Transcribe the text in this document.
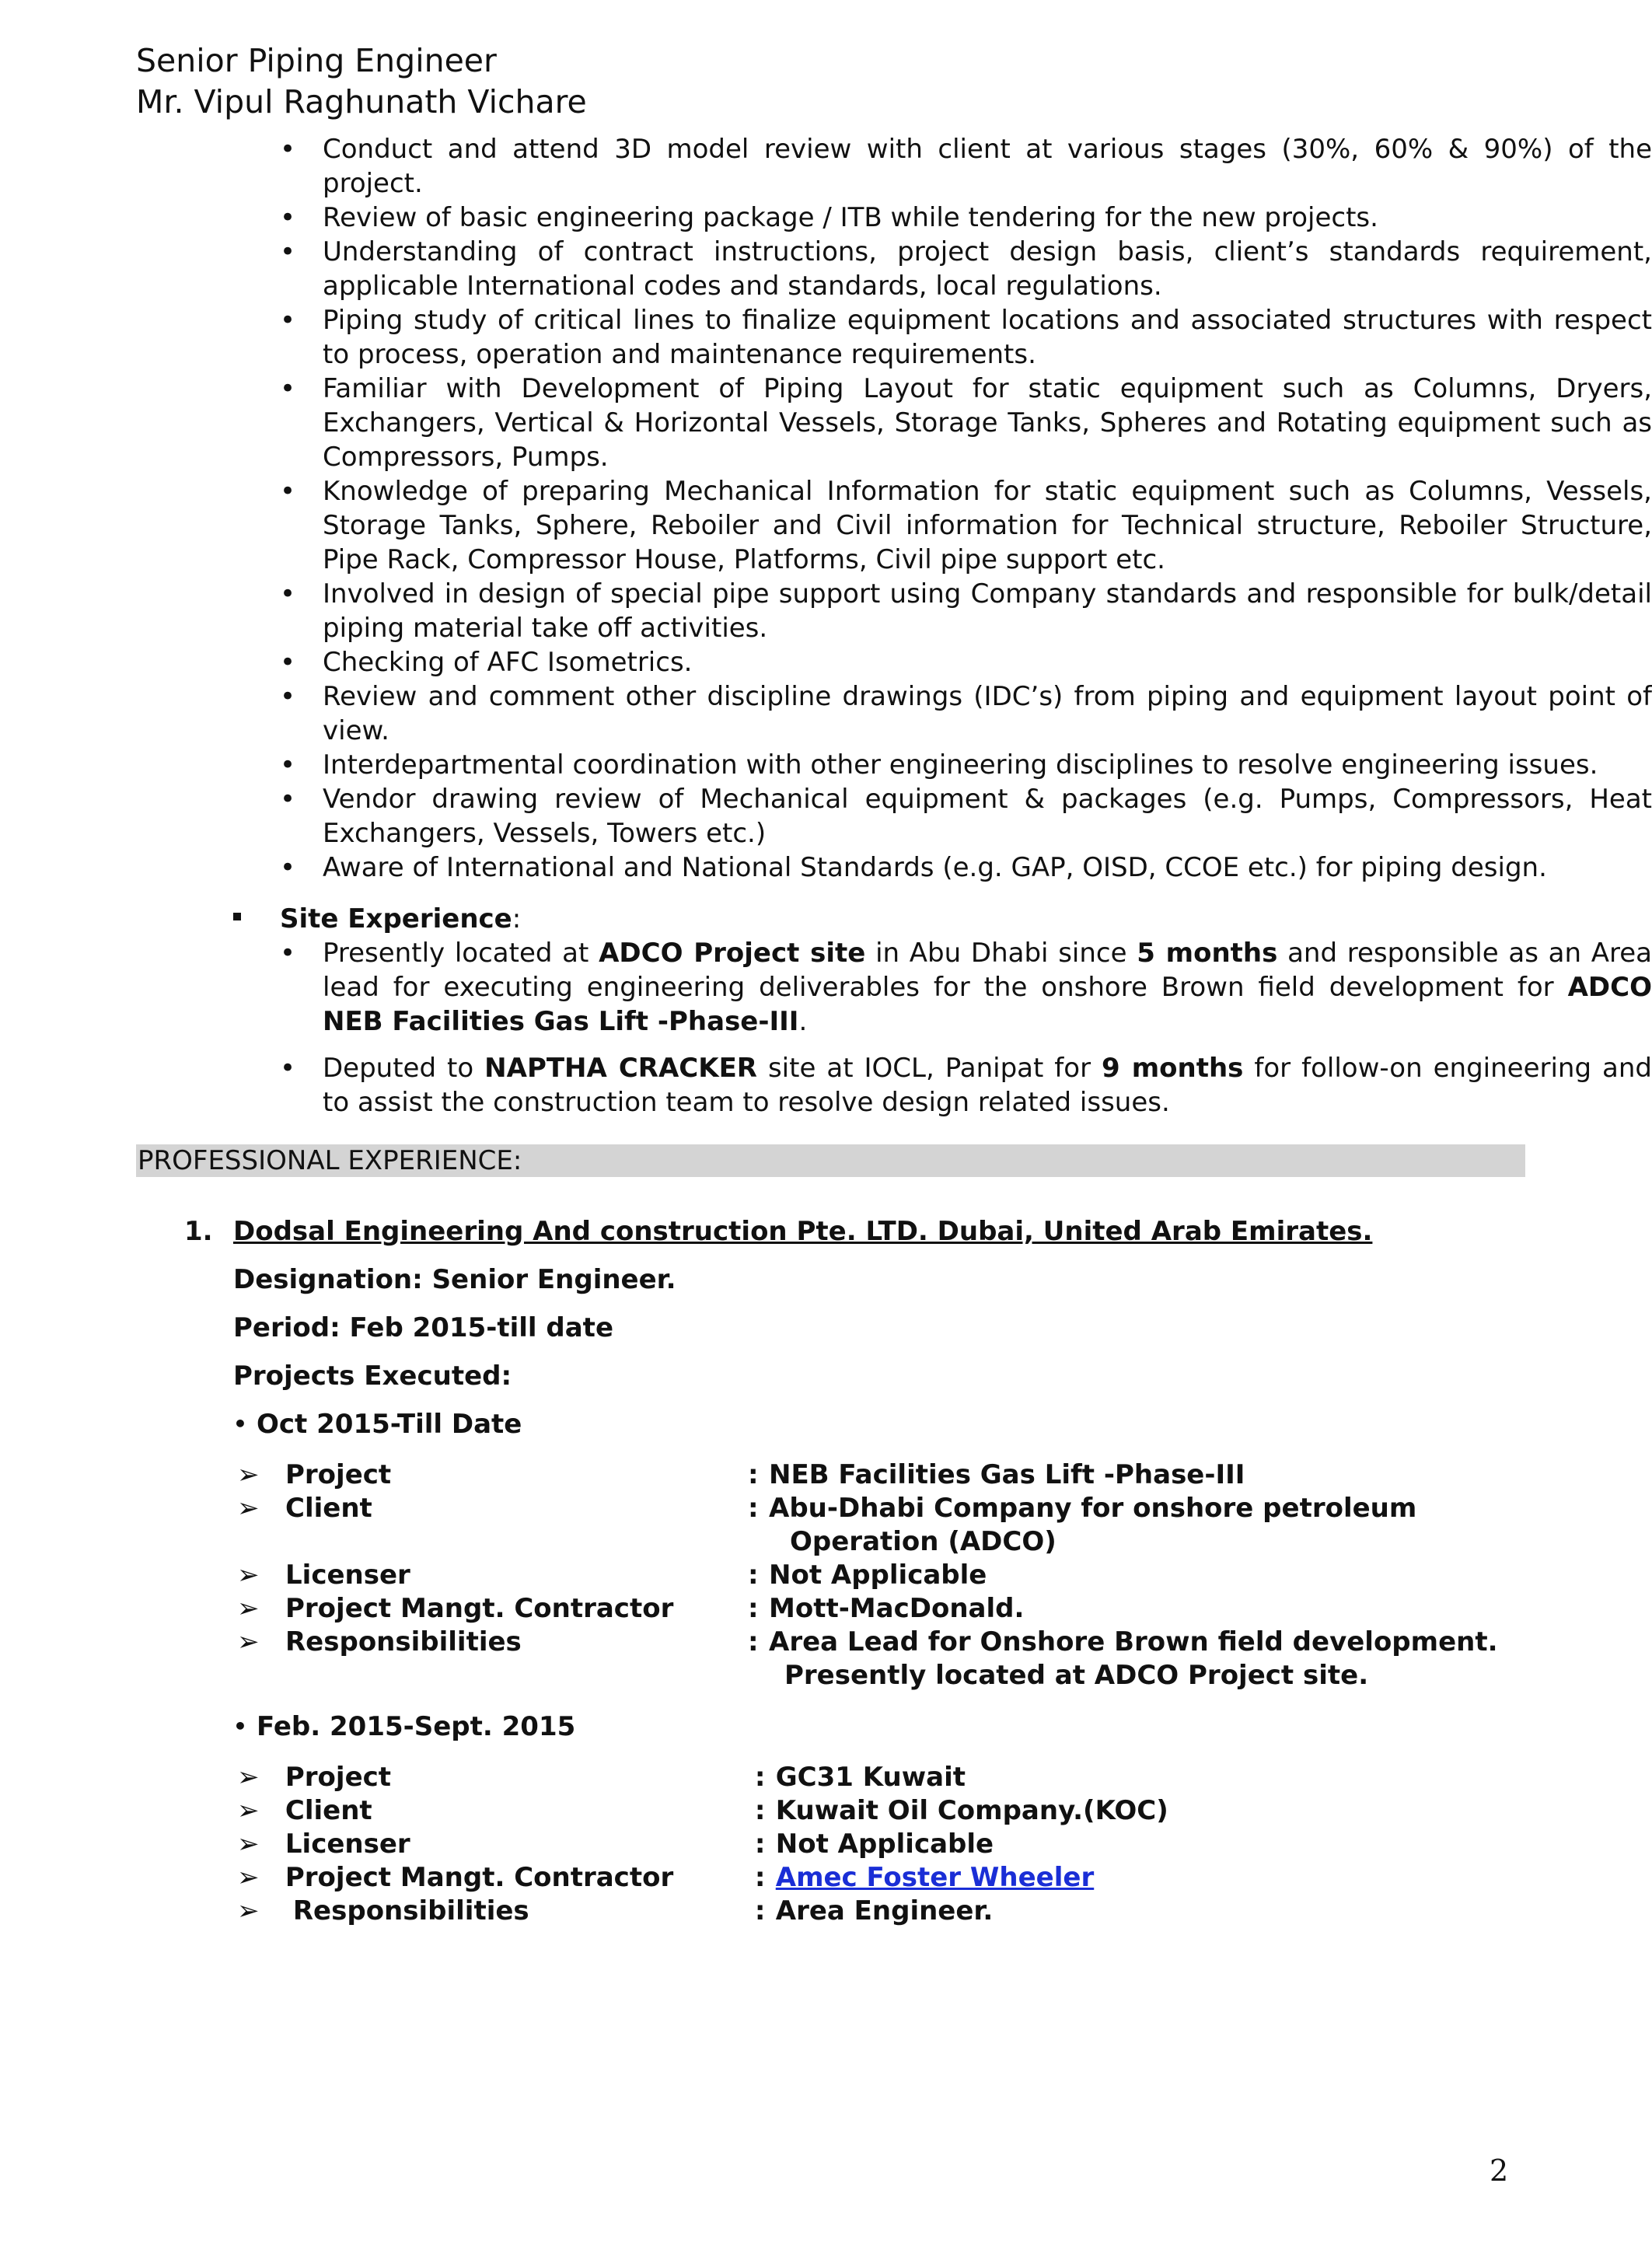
Senior Piping Engineer
Mr. Vipul Raghunath Vichare
• Conduct and attend 3D model review with client at various stages (30%, 60% & 90%) of the project.
• Review of basic engineering package / ITB while tendering for the new projects.
• Understanding of contract instructions, project design basis, client’s standards requirement, applicable International codes and standards, local regulations.
• Piping study of critical lines to finalize equipment locations and associated structures with respect to process, operation and maintenance requirements.
• Familiar with Development of Piping Layout for static equipment such as Columns, Dryers, Exchangers, Vertical & Horizontal Vessels, Storage Tanks, Spheres and Rotating equipment such as Compressors, Pumps.
• Knowledge of preparing Mechanical Information for static equipment such as Columns, Vessels, Storage Tanks, Sphere, Reboiler and Civil information for Technical structure, Reboiler Structure, Pipe Rack, Compressor House, Platforms, Civil pipe support etc.
• Involved in design of special pipe support using Company standards and responsible for bulk/detail piping material take off activities.
• Checking of AFC Isometrics.
• Review and comment other discipline drawings (IDC’s) from piping and equipment layout point of view.
• Interdepartmental coordination with other engineering disciplines to resolve engineering issues.
• Vendor drawing review of Mechanical equipment & packages (e.g. Pumps, Compressors, Heat Exchangers, Vessels, Towers etc.)
• Aware of International and National Standards (e.g. GAP, OISD, CCOE etc.) for piping design.
Site Experience:
• Presently located at ADCO Project site in Abu Dhabi since 5 months and responsible as an Area lead for executing engineering deliverables for the onshore Brown field development for ADCO NEB Facilities Gas Lift -Phase-III.
• Deputed to NAPTHA CRACKER site at IOCL, Panipat for 9 months for follow-on engineering and to assist the construction team to resolve design related issues.
PROFESSIONAL EXPERIENCE:
1. Dodsal Engineering And construction Pte. LTD. Dubai, United Arab Emirates.
Designation: Senior Engineer.
Period: Feb 2015-till date
Projects Executed:
• Oct 2015-Till Date
➢	Project	:	NEB Facilities Gas Lift -Phase-III
➢	Client	:	Abu-Dhabi Company for onshore petroleum
Operation (ADCO)

➢	Licenser	:	Not Applicable
➢	Project Mangt. Contractor	:	Mott-MacDonald.
➢	Responsibilities	:	Area Lead for Onshore Brown field development.
Presently located at ADCO Project site.
• Feb. 2015-Sept. 2015
➢	Project	:	GC31 Kuwait
➢	Client	:	Kuwait Oil Company.(KOC)
➢	Licenser	:	Not Applicable
➢	Project Mangt. Contractor	:	Amec Foster Wheeler
➢	Responsibilities	:	Area Engineer.
2
